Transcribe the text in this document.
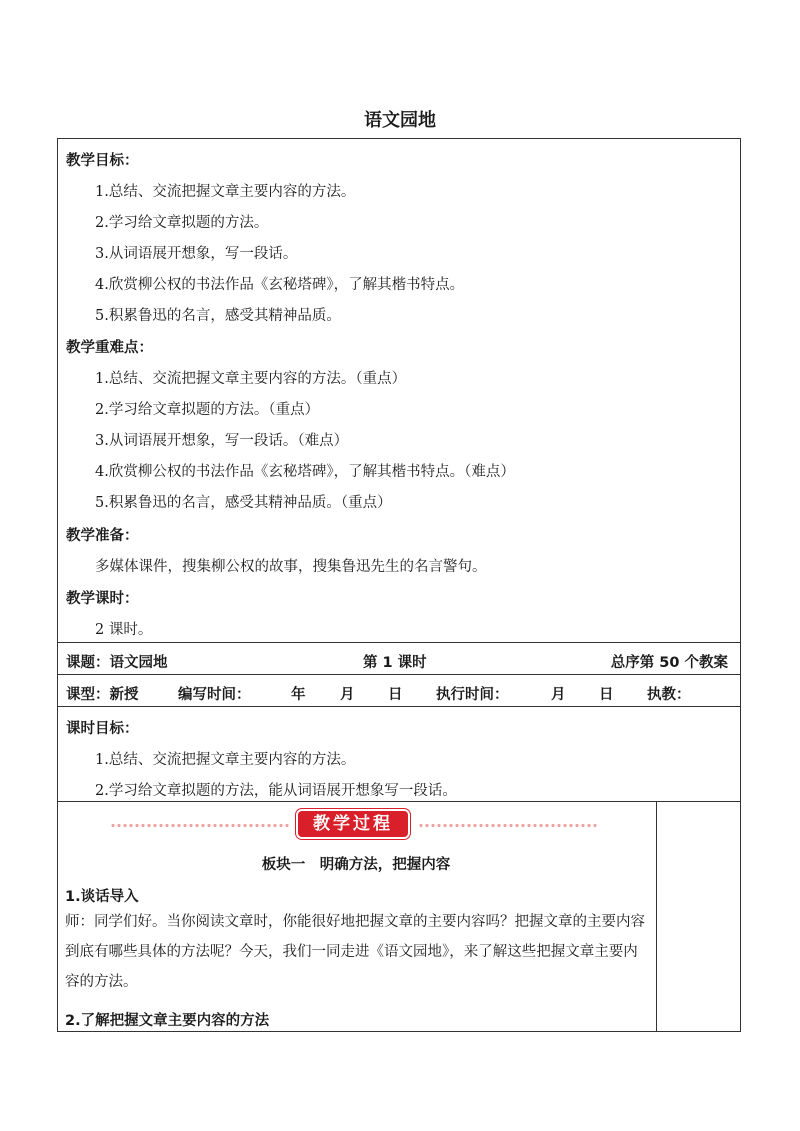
语文园地
教学目标：
1.总结、交流把握文章主要内容的方法。
2.学习给文章拟题的方法。
3.从词语展开想象，写一段话。
4.欣赏柳公权的书法作品《玄秘塔碑》，了解其楷书特点。
5.积累鲁迅的名言，感受其精神品质。
教学重难点：
1.总结、交流把握文章主要内容的方法。（重点）
2.学习给文章拟题的方法。（重点）
3.从词语展开想象，写一段话。（难点）
4.欣赏柳公权的书法作品《玄秘塔碑》，了解其楷书特点。（难点）
5.积累鲁迅的名言，感受其精神品质。（重点）
教学准备：
多媒体课件，搜集柳公权的故事，搜集鲁迅先生的名言警句。
教学课时：
2 课时。
课题：语文园地	第 1 课时	总序第 50 个教案
课型：新授	编写时间：	年 月 日 执行时间：	月 日 执教：
课时目标：
1.总结、交流把握文章主要内容的方法。
2.学习给文章拟题的方法，能从词语展开想象写一段话。
教学过程
板块一　明确方法，把握内容
1.谈话导入
师：同学们好。当你阅读文章时，你能很好地把握文章的主要内容吗？把握文章的主要内容到底有哪些具体的方法呢？今天，我们一同走进《语文园地》，来了解这些把握文章主要内容的方法。
2.了解把握文章主要内容的方法
